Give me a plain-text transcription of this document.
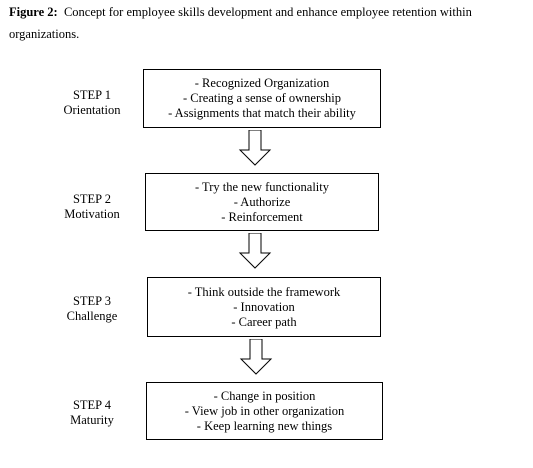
Figure 2: Concept for employee skills development and enhance employee retention within organizations.

STEP 1
Orientation
- Recognized Organization
- Creating a sense of ownership
- Assignments that match their ability
STEP 2
Motivation
- Try the new functionality
- Authorize
- Reinforcement
STEP 3
Challenge
- Think outside the framework
- Innovation
- Career path
STEP 4
Maturity
- Change in position
- View job in other organization
- Keep learning new things
